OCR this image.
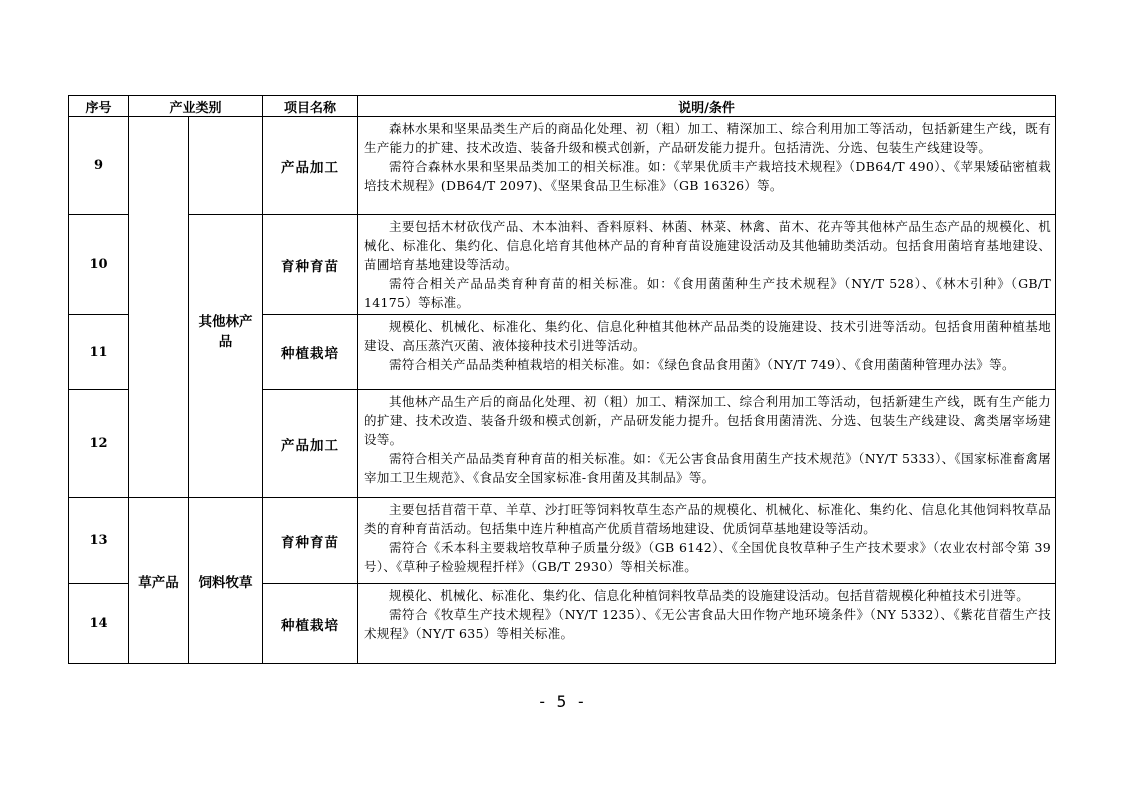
序号	产业类别		项目名称	说明/条件
9			产品加工	森林水果和坚果品类生产后的商品化处理、初（粗）加工、精深加工、综合利用加工等活动，包括新建生产线，既有生产能力的扩建、技术改造、装备升级和模式创新，产品研发能力提升。包括清洗、分选、包装生产线建设等。

需符合森林水果和坚果品类加工的相关标准。如：《苹果优质丰产栽培技术规程》（DB64/T 490）、《苹果矮砧密植栽培技术规程》(DB64/T 2097)、《坚果食品卫生标准》（GB 16326）等。

10		其他林产品	育种育苗	主要包括木材砍伐产品、木本油料、香料原料、林菌、林菜、林禽、苗木、花卉等其他林产品生态产品的规模化、机械化、标准化、集约化、信息化培育其他林产品的育种育苗设施建设活动及其他辅助类活动。包括食用菌培育基地建设、苗圃培育基地建设等活动。

需符合相关产品品类育种育苗的相关标准。如：《食用菌菌种生产技术规程》（NY/T 528）、《林木引种》（GB/T 14175）等标准。

11			种植栽培	规模化、机械化、标准化、集约化、信息化种植其他林产品品类的设施建设、技术引进等活动。包括食用菌种植基地建设、高压蒸汽灭菌、液体接种技术引进等活动。

需符合相关产品品类种植栽培的相关标准。如：《绿色食品食用菌》（NY/T 749）、《食用菌菌种管理办法》等。

12			产品加工	其他林产品生产后的商品化处理、初（粗）加工、精深加工、综合利用加工等活动，包括新建生产线，既有生产能力的扩建、技术改造、装备升级和模式创新，产品研发能力提升。包括食用菌清洗、分选、包装生产线建设、禽类屠宰场建设等。

需符合相关产品品类育种育苗的相关标准。如：《无公害食品食用菌生产技术规范》（NY/T 5333）、《国家标准畜禽屠宰加工卫生规范》、《食品安全国家标准-食用菌及其制品》等。

13	草产品	饲料牧草	育种育苗	主要包括苜蓿干草、羊草、沙打旺等饲料牧草生态产品的规模化、机械化、标准化、集约化、信息化其他饲料牧草品类的育种育苗活动。包括集中连片种植高产优质苜蓿场地建设、优质饲草基地建设等活动。

需符合《禾本科主要栽培牧草种子质量分级》（GB 6142）、《全国优良牧草种子生产技术要求》（农业农村部令第 39 号）、《草种子检验规程扦样》（GB/T 2930）等相关标准。

14			种植栽培	规模化、机械化、标准化、集约化、信息化种植饲料牧草品类的设施建设活动。包括苜蓿规模化种植技术引进等。

需符合《牧草生产技术规程》（NY/T 1235）、《无公害食品大田作物产地环境条件》（NY 5332）、《紫花苜蓿生产技术规程》（NY/T 635）等相关标准。

- 5 -
